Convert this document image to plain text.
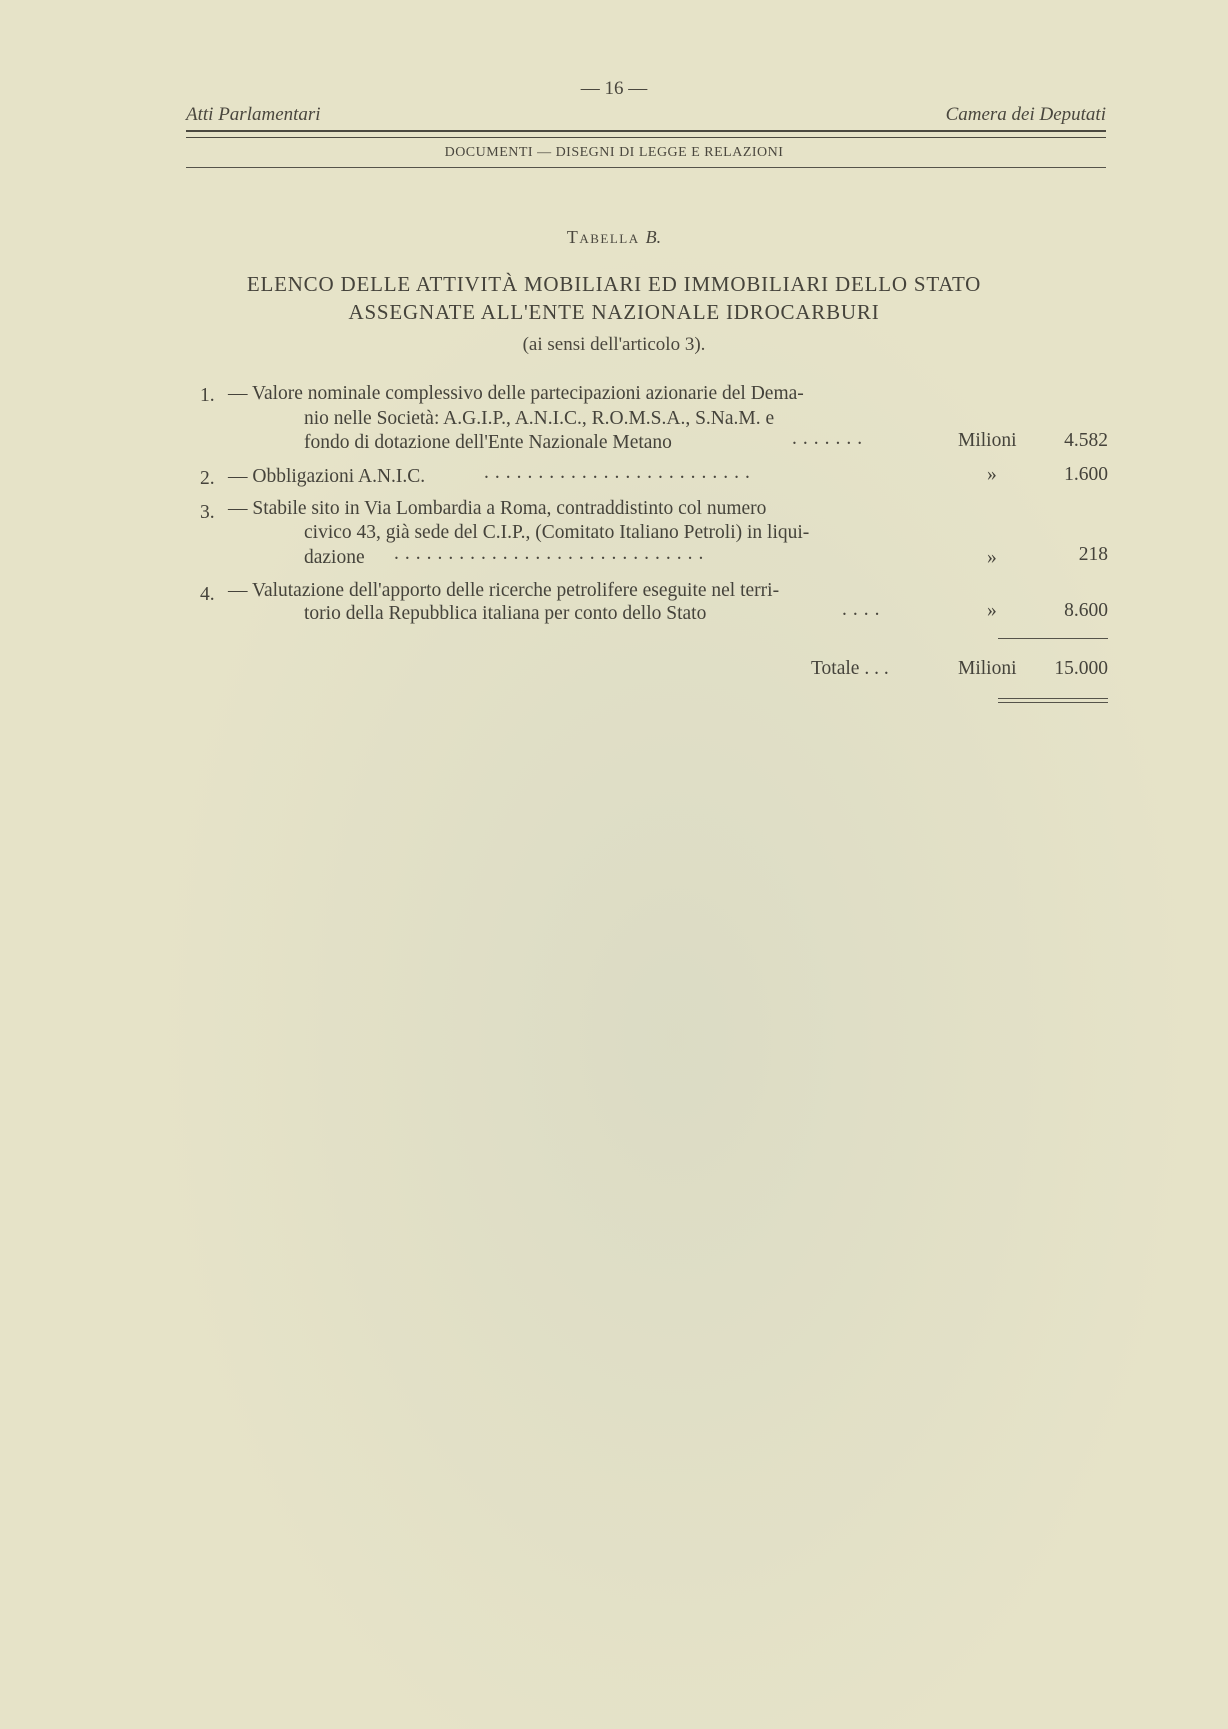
— 16 —
Atti Parlamentari	Camera dei Deputati
DOCUMENTI — DISEGNI DI LEGGE E RELAZIONI
Tabella B.
ELENCO DELLE ATTIVITÀ MOBILIARI ED IMMOBILIARI DELLO STATO
ASSEGNATE ALL'ENTE NAZIONALE IDROCARBURI
(ai sensi dell'articolo 3).
1. — Valore nominale complessivo delle partecipazioni azionarie del Dema-
nio nelle Società: A.G.I.P., A.N.I.C., R.O.M.S.A., S.Na.M. e
fondo di dotazione dell'Ente Nazionale Metano	.......	Milioni	4.582
2. — Obbligazioni A.N.I.C.	.........................	»	1.600
3. — Stabile sito in Via Lombardia a Roma, contraddistinto col numero
civico 43, già sede del C.I.P., (Comitato Italiano Petroli) in liqui-
dazione .............................	»	218
4. — Valutazione dell'apporto delle ricerche petrolifere eseguite nel terri-
torio della Repubblica italiana per conto dello Stato	....	»	8.600
Totale . . .	Milioni	15.000
